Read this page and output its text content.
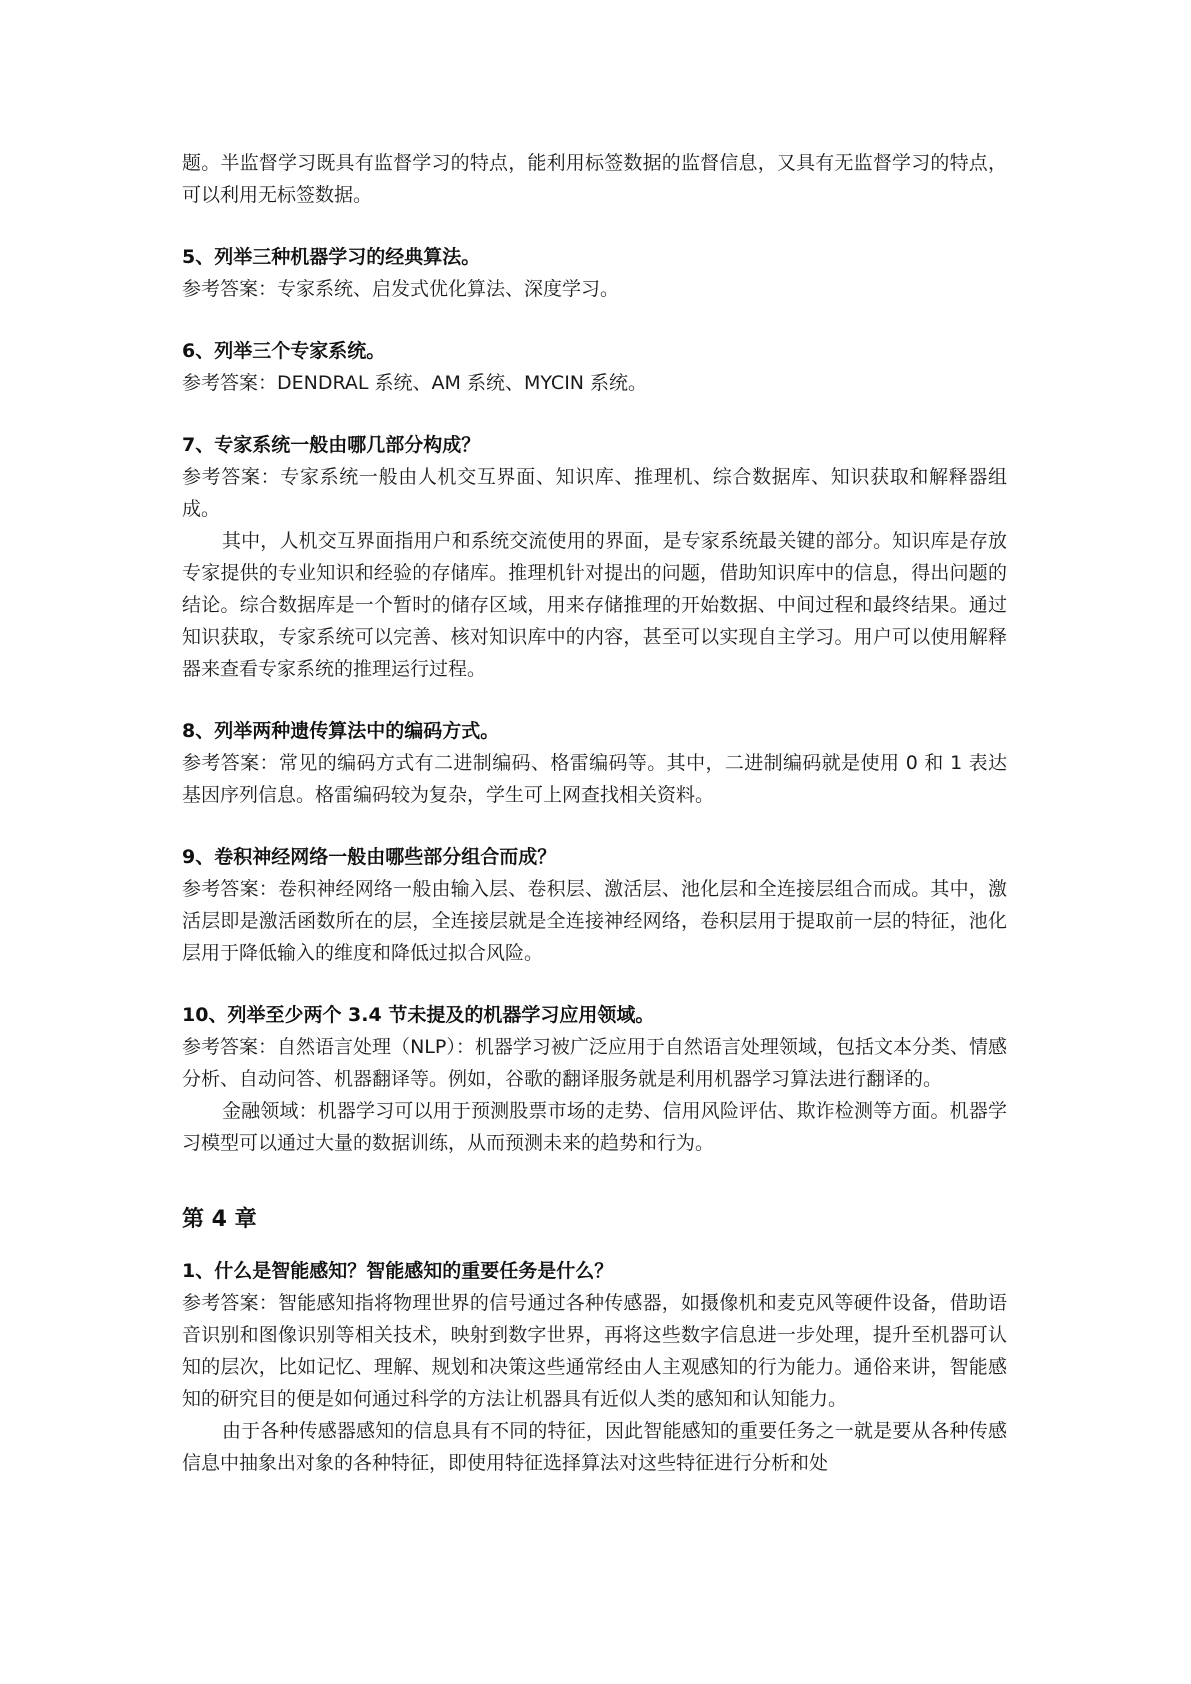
题。半监督学习既具有监督学习的特点，能利用标签数据的监督信息，又具有无监督学习的特点，可以利用无标签数据。

5、列举三种机器学习的经典算法。

参考答案：专家系统、启发式优化算法、深度学习。

6、列举三个专家系统。

参考答案：DENDRAL 系统、AM 系统、MYCIN 系统。

7、专家系统一般由哪几部分构成？

参考答案：专家系统一般由人机交互界面、知识库、推理机、综合数据库、知识获取和解释器组成。

其中，人机交互界面指用户和系统交流使用的界面，是专家系统最关键的部分。知识库是存放专家提供的专业知识和经验的存储库。推理机针对提出的问题，借助知识库中的信息，得出问题的结论。综合数据库是一个暂时的储存区域，用来存储推理的开始数据、中间过程和最终结果。通过知识获取，专家系统可以完善、核对知识库中的内容，甚至可以实现自主学习。用户可以使用解释器来查看专家系统的推理运行过程。

8、列举两种遗传算法中的编码方式。

参考答案：常见的编码方式有二进制编码、格雷编码等。其中，二进制编码就是使用 0 和 1 表达基因序列信息。格雷编码较为复杂，学生可上网查找相关资料。

9、卷积神经网络一般由哪些部分组合而成？

参考答案：卷积神经网络一般由输入层、卷积层、激活层、池化层和全连接层组合而成。其中，激活层即是激活函数所在的层，全连接层就是全连接神经网络，卷积层用于提取前一层的特征，池化层用于降低输入的维度和降低过拟合风险。

10、列举至少两个 3.4 节未提及的机器学习应用领域。

参考答案：自然语言处理（NLP）：机器学习被广泛应用于自然语言处理领域，包括文本分类、情感分析、自动问答、机器翻译等。例如，谷歌的翻译服务就是利用机器学习算法进行翻译的。

金融领域：机器学习可以用于预测股票市场的走势、信用风险评估、欺诈检测等方面。机器学习模型可以通过大量的数据训练，从而预测未来的趋势和行为。

第 4 章

1、什么是智能感知？智能感知的重要任务是什么？

参考答案：智能感知指将物理世界的信号通过各种传感器，如摄像机和麦克风等硬件设备，借助语音识别和图像识别等相关技术，映射到数字世界，再将这些数字信息进一步处理，提升至机器可认知的层次，比如记忆、理解、规划和决策这些通常经由人主观感知的行为能力。通俗来讲，智能感知的研究目的便是如何通过科学的方法让机器具有近似人类的感知和认知能力。

由于各种传感器感知的信息具有不同的特征，因此智能感知的重要任务之一就是要从各种传感信息中抽象出对象的各种特征，即使用特征选择算法对这些特征进行分析和处
